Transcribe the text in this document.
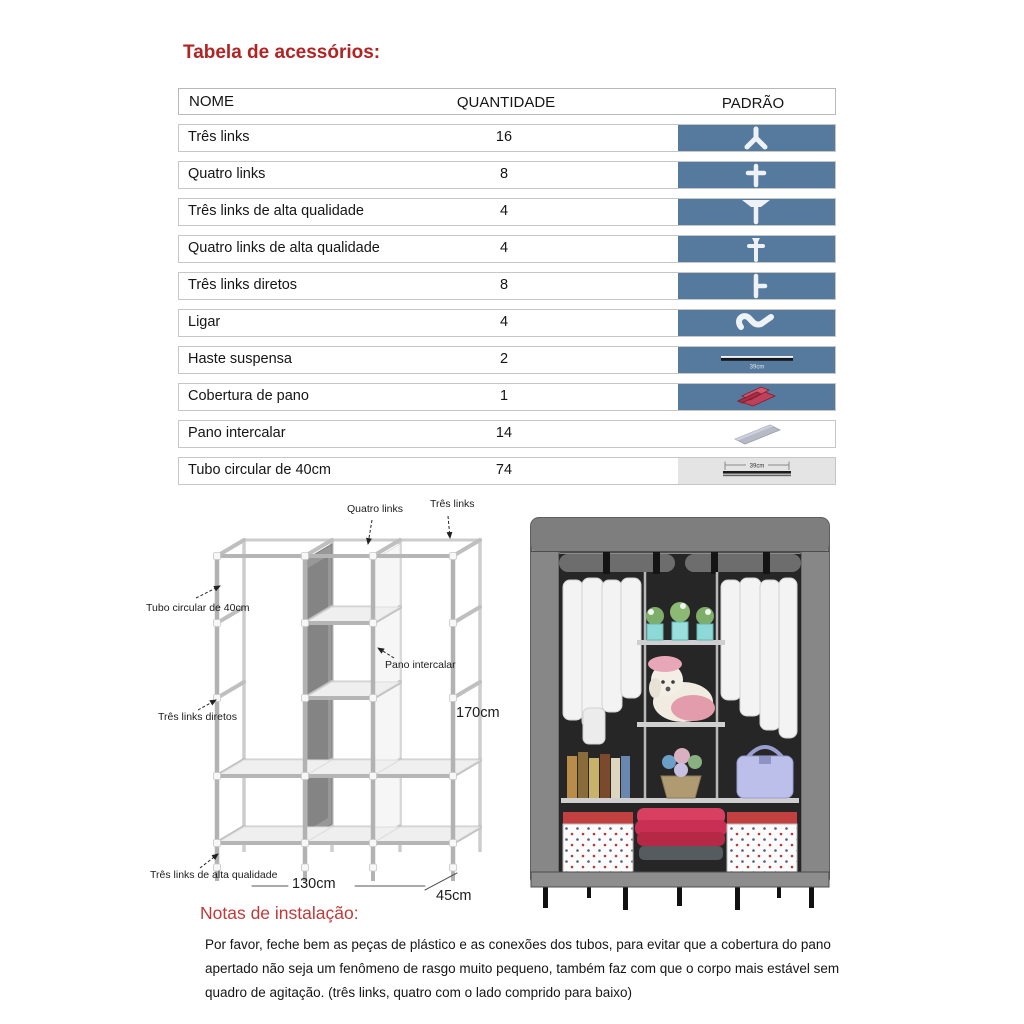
Tabela de acessórios:
NOME	QUANTIDADE	PADRÃO
Três links	16
Quatro links	8
Três links de alta qualidade	4
Quatro links de alta qualidade	4
Três links diretos	8
Ligar	4
Haste suspensa	2
39cm
Cobertura de pano	1
Pano intercalar	14
Tubo circular de 40cm	74	39cm
Quatro links	Três links
Tubo circular de 40cm
Pano intercalar
Três links diretos
Três links de alta qualidade
170cm
130cm
45cm
Notas de instalação:

Por favor, feche bem as peças de plástico e as conexões dos tubos, para evitar que a cobertura do pano apertado não seja um fenômeno de rasgo muito pequeno, também faz com que o corpo mais estável sem quadro de agitação. (três links, quatro com o lado comprido para baixo)
